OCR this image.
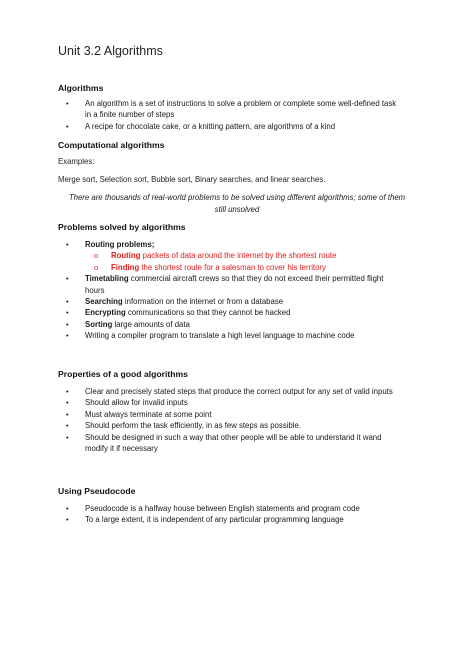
Unit 3.2 Algorithms
Algorithms
• An algorithm is a set of instructions to solve a problem or complete some well-defined task
in a finite number of steps
• A recipe for chocolate cake, or a knitting pattern, are algorithms of a kind
Computational algorithms
Examples:
Merge sort, Selection sort, Bubble sort, Binary searches, and linear searches.
There are thousands of real-world problems to be solved using different algorithms; some of them
still unsolved
Problems solved by algorithms
• Routing problems;
o Routing packets of data around the internet by the shortest route
o Finding the shortest route for a salesman to cover his territory
• Timetabling commercial aircraft crews so that they do not exceed their permitted flight
hours
• Searching information on the internet or from a database
• Encrypting communications so that they cannot be hacked
• Sorting large amounts of data
• Writing a compiler program to translate a high level language to machine code
Properties of a good algorithms
• Clear and precisely stated steps that produce the correct output for any set of valid inputs
• Should allow for invalid inputs
• Must always terminate at some point
• Should perform the task efficiently, in as few steps as possible.
• Should be designed in such a way that other people will be able to understand it wand
modify it if necessary
Using Pseudocode
• Pseudocode is a halfway house between English statements and program code
• To a large extent, it is independent of any particular programming language
